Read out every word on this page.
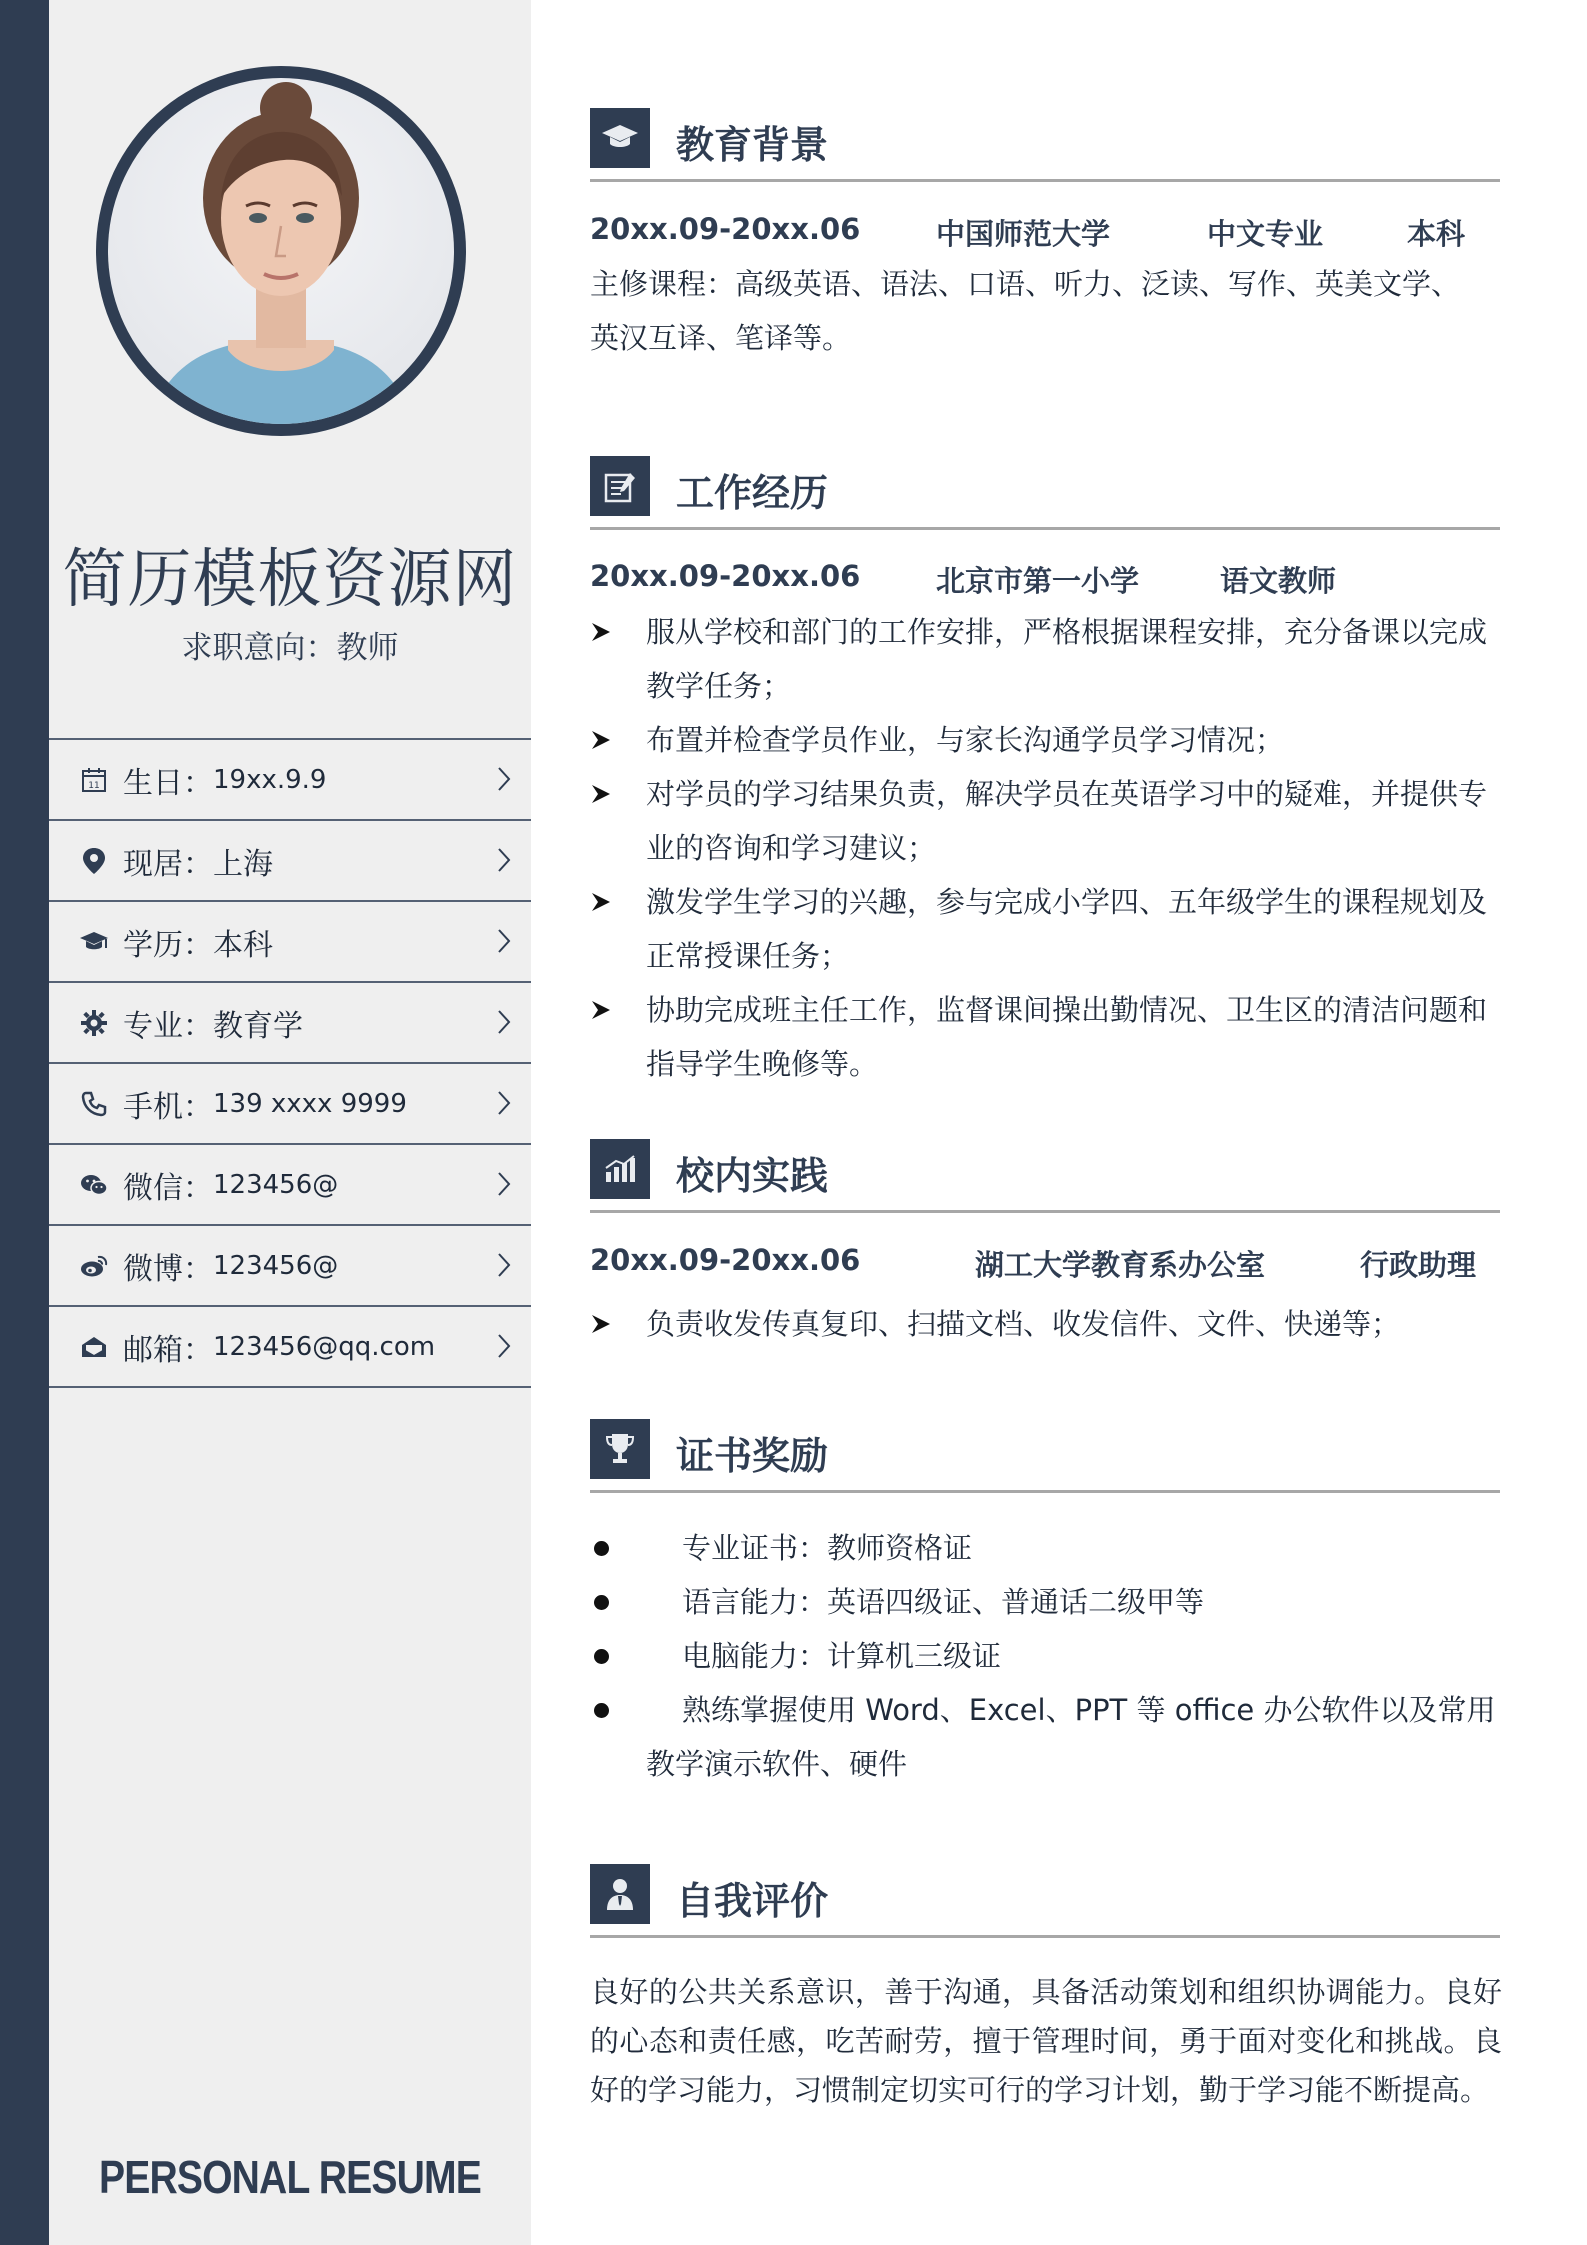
简历模板资源网
求职意向：教师
11 生日： 19xx.9.9
现居： 上海
学历： 本科
专业： 教育学
手机： 139 xxxx 9999
微信： 123456@
微博： 123456@
邮箱： 123456@qq.com
PERSONAL RESUME
教育背景
20xx.09-20xx.06	中国师范大学	中文专业	本科
主修课程：高级英语、语法、口语、听力、泛读、写作、英美文学、
英汉互译、笔译等。
工作经历
20xx.09-20xx.06	北京市第一小学	语文教师
服从学校和部门的工作安排，严格根据课程安排，充分备课以完成教学任务；
布置并检查学员作业，与家长沟通学员学习情况；
对学员的学习结果负责，解决学员在英语学习中的疑难，并提供专业的咨询和学习建议；
激发学生学习的兴趣，参与完成小学四、五年级学生的课程规划及正常授课任务；
协助完成班主任工作，监督课间操出勤情况、卫生区的清洁问题和指导学生晚修等。
校内实践
20xx.09-20xx.06	湖工大学教育系办公室	行政助理
负责收发传真复印、扫描文档、收发信件、文件、快递等；
证书奖励
专业证书：教师资格证
语言能力：英语四级证、普通话二级甲等
电脑能力：计算机三级证
熟练掌握使用 Word、Excel、PPT 等 office 办公软件以及常用教学演示软件、硬件
自我评价
良好的公共关系意识，善于沟通，具备活动策划和组织协调能力。良好的心态和责任感，吃苦耐劳，擅于管理时间，勇于面对变化和挑战。良好的学习能力，习惯制定切实可行的学习计划，勤于学习能不断提高。
